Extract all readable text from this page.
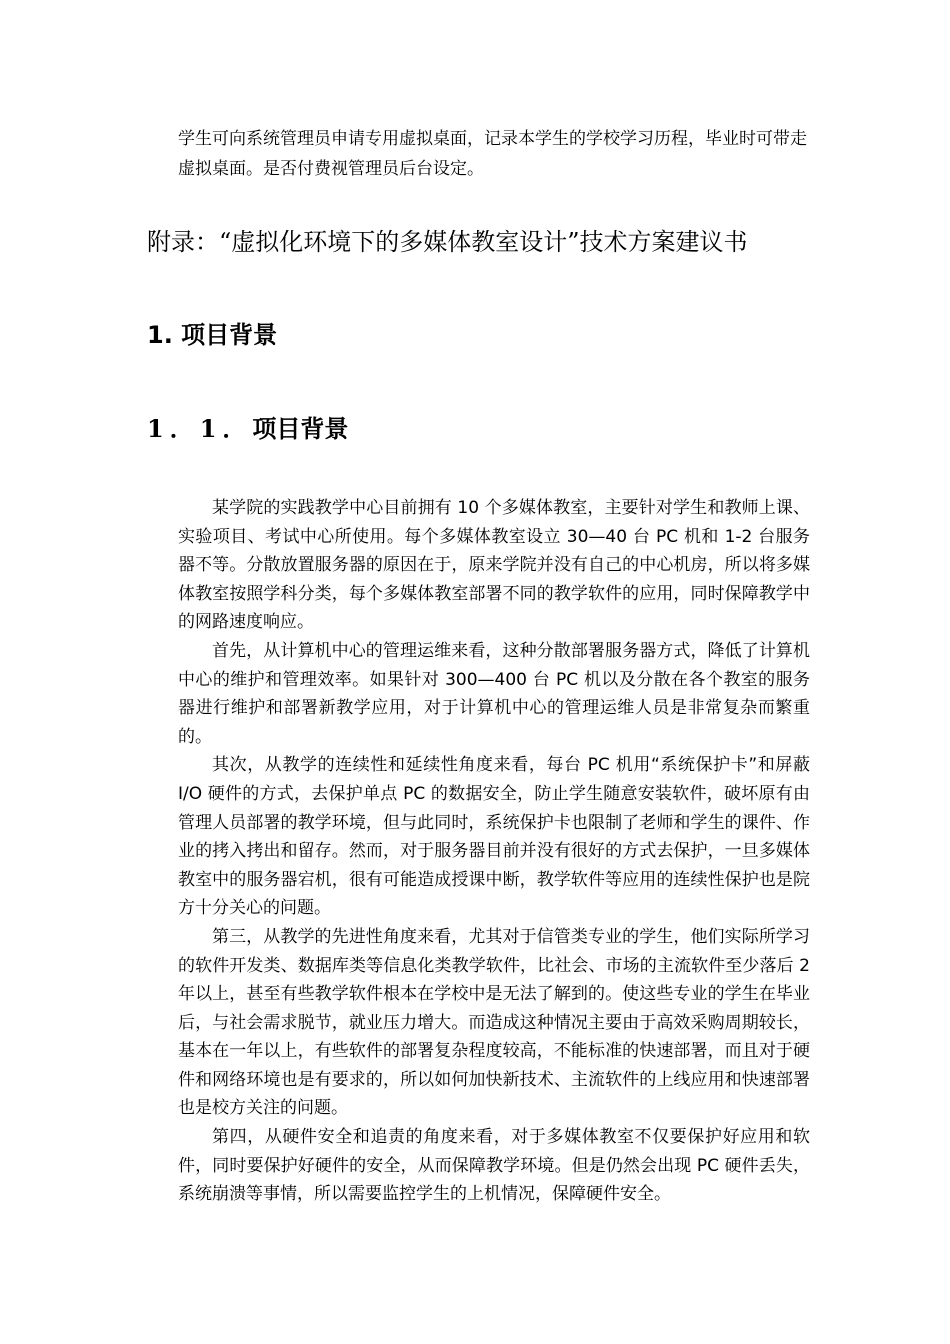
学生可向系统管理员申请专用虚拟桌面，记录本学生的学校学习历程，毕业时可带走虚拟桌面。是否付费视管理员后台设定。

附录：“虚拟化环境下的多媒体教室设计”技术方案建议书
1. 项目背景
1．1．项目背景

某学院的实践教学中心目前拥有 10 个多媒体教室，主要针对学生和教师上课、实验项目、考试中心所使用。每个多媒体教室设立 30—40 台 PC 机和 1-2 台服务器不等。分散放置服务器的原因在于，原来学院并没有自己的中心机房，所以将多媒体教室按照学科分类，每个多媒体教室部署不同的教学软件的应用，同时保障教学中的网路速度响应。

首先，从计算机中心的管理运维来看，这种分散部署服务器方式，降低了计算机中心的维护和管理效率。如果针对 300—400 台 PC 机以及分散在各个教室的服务器进行维护和部署新教学应用，对于计算机中心的管理运维人员是非常复杂而繁重的。

其次，从教学的连续性和延续性角度来看，每台 PC 机用“系统保护卡”和屏蔽 I/O 硬件的方式，去保护单点 PC 的数据安全，防止学生随意安装软件，破坏原有由管理人员部署的教学环境，但与此同时，系统保护卡也限制了老师和学生的课件、作业的拷入拷出和留存。然而，对于服务器目前并没有很好的方式去保护，一旦多媒体教室中的服务器宕机，很有可能造成授课中断，教学软件等应用的连续性保护也是院方十分关心的问题。

第三，从教学的先进性角度来看，尤其对于信管类专业的学生，他们实际所学习的软件开发类、数据库类等信息化类教学软件，比社会、市场的主流软件至少落后 2 年以上，甚至有些教学软件根本在学校中是无法了解到的。使这些专业的学生在毕业后，与社会需求脱节，就业压力增大。而造成这种情况主要由于高效采购周期较长，基本在一年以上，有些软件的部署复杂程度较高，不能标准的快速部署，而且对于硬件和网络环境也是有要求的，所以如何加快新技术、主流软件的上线应用和快速部署也是校方关注的问题。

第四，从硬件安全和追责的角度来看，对于多媒体教室不仅要保护好应用和软件，同时要保护好硬件的安全，从而保障教学环境。但是仍然会出现 PC 硬件丢失，系统崩溃等事情，所以需要监控学生的上机情况，保障硬件安全。
